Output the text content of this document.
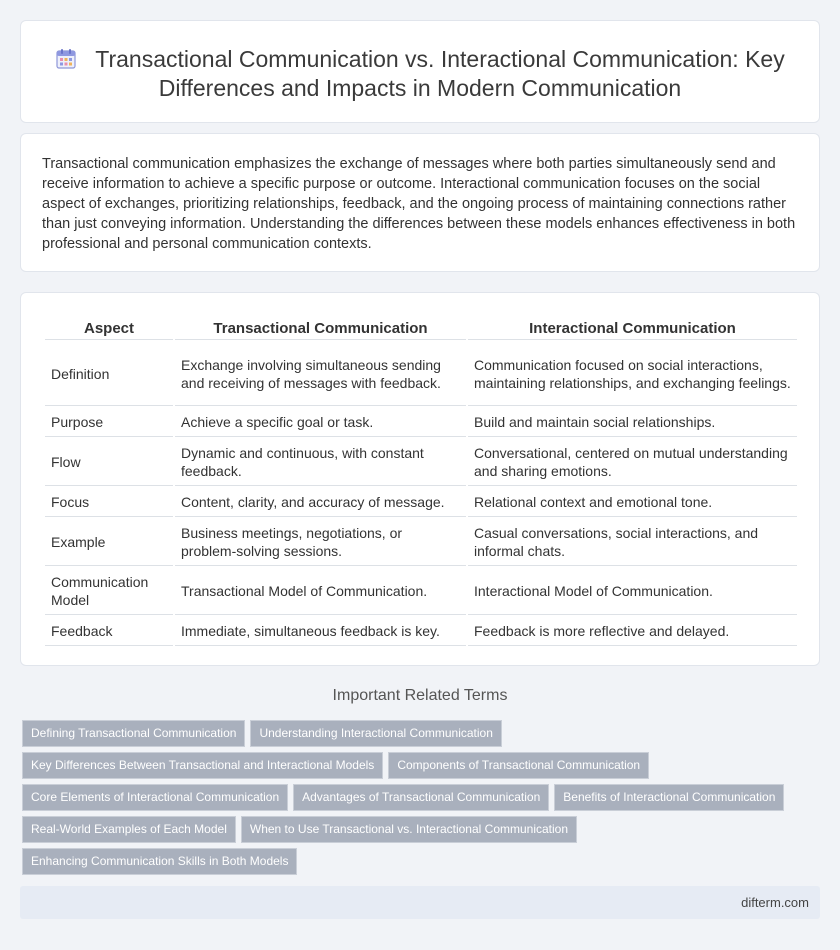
Transactional Communication vs. Interactional Communication: Key Differences and Impacts in Modern Communication

Transactional communication emphasizes the exchange of messages where both parties simultaneously send and receive information to achieve a specific purpose or outcome. Interactional communication focuses on the social aspect of exchanges, prioritizing relationships, feedback, and the ongoing process of maintaining connections rather than just conveying information. Understanding the differences between these models enhances effectiveness in both professional and personal communication contexts.

Aspect	Transactional Communication	Interactional Communication
Definition	Exchange involving simultaneous sending and receiving of messages with feedback.	Communication focused on social interactions, maintaining relationships, and exchanging feelings.
Purpose	Achieve a specific goal or task.	Build and maintain social relationships.
Flow	Dynamic and continuous, with constant feedback.	Conversational, centered on mutual understanding and sharing emotions.
Focus	Content, clarity, and accuracy of message.	Relational context and emotional tone.
Example	Business meetings, negotiations, or problem-solving sessions.	Casual conversations, social interactions, and informal chats.
Communication Model	Transactional Model of Communication.	Interactional Model of Communication.
Feedback	Immediate, simultaneous feedback is key.	Feedback is more reflective and delayed.
Important Related Terms
Defining Transactional Communication Understanding Interactional Communication
Key Differences Between Transactional and Interactional Models Components of Transactional Communication
Core Elements of Interactional Communication Advantages of Transactional Communication Benefits of Interactional Communication
Real-World Examples of Each Model When to Use Transactional vs. Interactional Communication
Enhancing Communication Skills in Both Models
difterm.com
